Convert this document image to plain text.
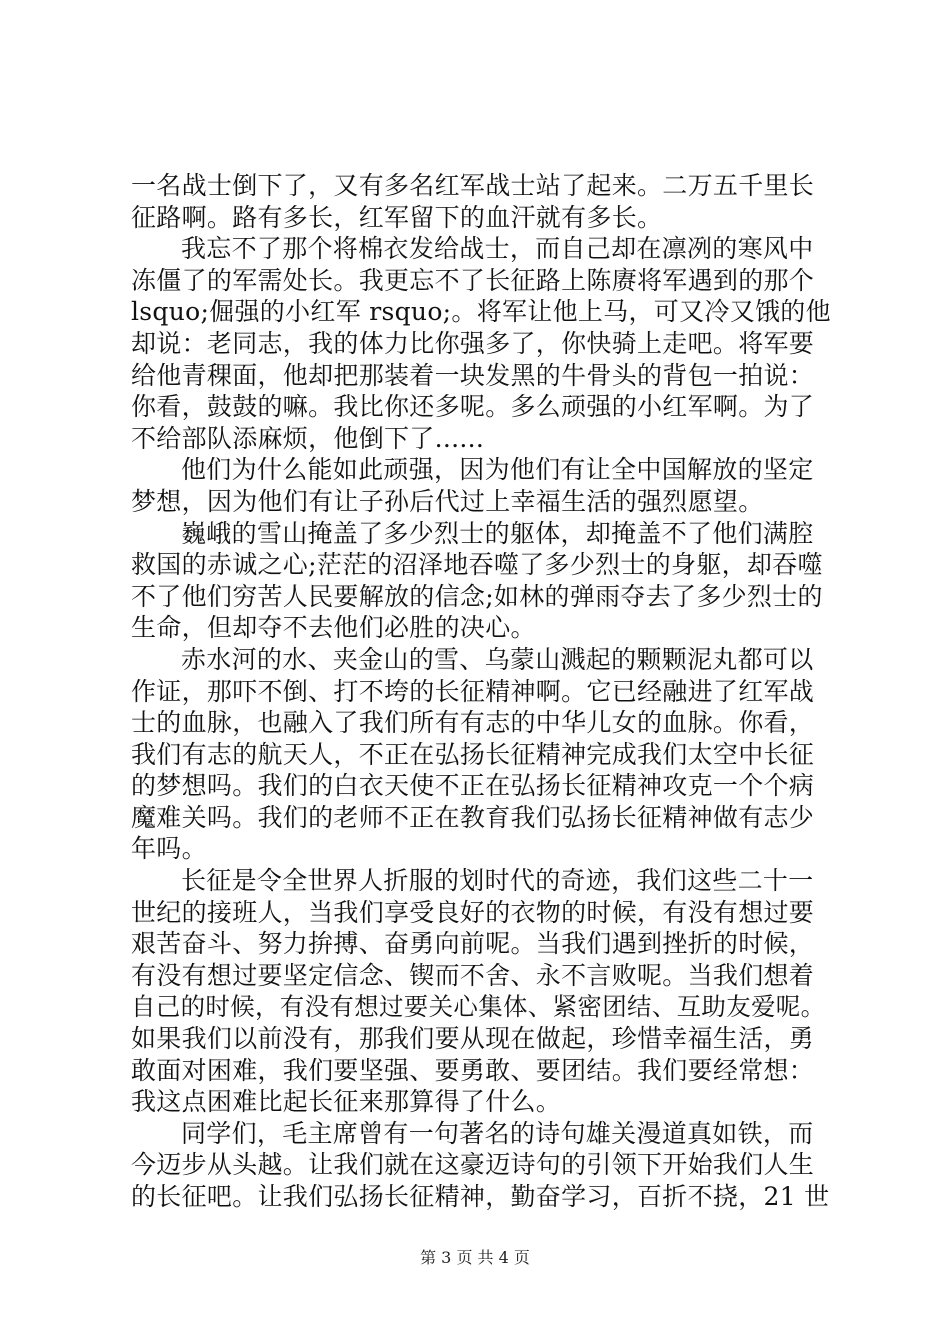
一名战士倒下了，又有多名红军战士站了起来。二万五千里长
征路啊。路有多长，红军留下的血汗就有多长。
我忘不了那个将棉衣发给战士，而自己却在凛冽的寒风中
冻僵了的军需处长。我更忘不了长征路上陈赓将军遇到的那个
lsquo;倔强的小红军 rsquo;。将军让他上马，可又冷又饿的他
却说：老同志，我的体力比你强多了，你快骑上走吧。将军要
给他青稞面，他却把那装着一块发黑的牛骨头的背包一拍说：
你看，鼓鼓的嘛。我比你还多呢。多么顽强的小红军啊。为了
不给部队添麻烦，他倒下了......
他们为什么能如此顽强，因为他们有让全中国解放的坚定
梦想，因为他们有让子孙后代过上幸福生活的强烈愿望。
巍峨的雪山掩盖了多少烈士的躯体，却掩盖不了他们满腔
救国的赤诚之心;茫茫的沼泽地吞噬了多少烈士的身躯，却吞噬
不了他们穷苦人民要解放的信念;如林的弹雨夺去了多少烈士的
生命，但却夺不去他们必胜的决心。
赤水河的水、夹金山的雪、乌蒙山溅起的颗颗泥丸都可以
作证，那吓不倒、打不垮的长征精神啊。它已经融进了红军战
士的血脉，也融入了我们所有有志的中华儿女的血脉。你看，
我们有志的航天人，不正在弘扬长征精神完成我们太空中长征
的梦想吗。我们的白衣天使不正在弘扬长征精神攻克一个个病
魔难关吗。我们的老师不正在教育我们弘扬长征精神做有志少
年吗。
长征是令全世界人折服的划时代的奇迹，我们这些二十一
世纪的接班人，当我们享受良好的衣物的时候，有没有想过要
艰苦奋斗、努力拚搏、奋勇向前呢。当我们遇到挫折的时候，
有没有想过要坚定信念、锲而不舍、永不言败呢。当我们想着
自己的时候，有没有想过要关心集体、紧密团结、互助友爱呢。
如果我们以前没有，那我们要从现在做起，珍惜幸福生活，勇
敢面对困难，我们要坚强、要勇敢、要团结。我们要经常想：
我这点困难比起长征来那算得了什么。
同学们，毛主席曾有一句著名的诗句雄关漫道真如铁，而
今迈步从头越。让我们就在这豪迈诗句的引领下开始我们人生
的长征吧。让我们弘扬长征精神，勤奋学习，百折不挠，21 世
第 3 页 共 4 页
